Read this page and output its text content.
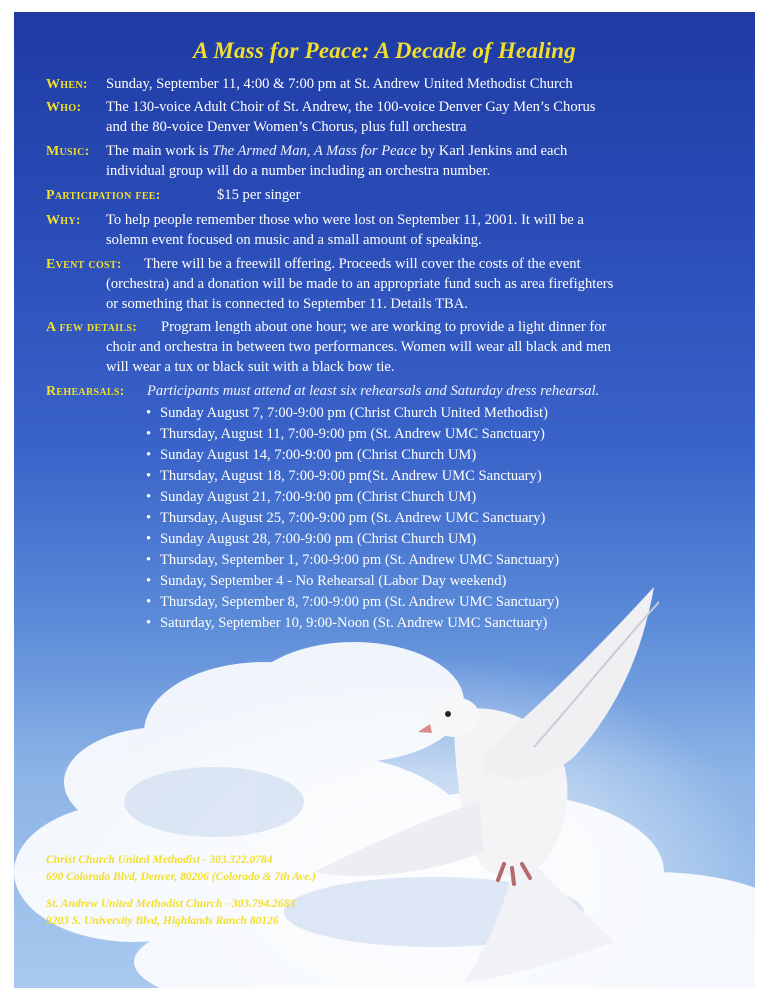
A Mass for Peace: A Decade of Healing
When: Sunday, September 11, 4:00 & 7:00 pm at St. Andrew United Methodist Church
Who: The 130-voice Adult Choir of St. Andrew, the 100-voice Denver Gay Men’s Chorus
and the 80-voice Denver Women’s Chorus, plus full orchestra
Music: The main work is The Armed Man, A Mass for Peace by Karl Jenkins and each
individual group will do a number including an orchestra number.
Participation fee:	$15 per singer
Why: To help people remember those who were lost on September 11, 2001. It will be a
solemn event focused on music and a small amount of speaking.
Event cost: There will be a freewill offering. Proceeds will cover the costs of the event
(orchestra) and a donation will be made to an appropriate fund such as area firefighters
or something that is connected to September 11. Details TBA.
A few details: Program length about one hour; we are working to provide a light dinner for
choir and orchestra in between two performances. Women will wear all black and men
will wear a tux or black suit with a black bow tie.
Rehearsals: Participants must attend at least six rehearsals and Saturday dress rehearsal.
• Sunday August 7, 7:00-9:00 pm (Christ Church United Methodist)
• Thursday, August 11, 7:00-9:00 pm (St. Andrew UMC Sanctuary)
• Sunday August 14, 7:00-9:00 pm (Christ Church UM)
• Thursday, August 18, 7:00-9:00 pm(St. Andrew UMC Sanctuary)
• Sunday August 21, 7:00-9:00 pm (Christ Church UM)
• Thursday, August 25, 7:00-9:00 pm (St. Andrew UMC Sanctuary)
• Sunday August 28, 7:00-9:00 pm (Christ Church UM)
• Thursday, September 1, 7:00-9:00 pm (St. Andrew UMC Sanctuary)
• Sunday, September 4 - No Rehearsal (Labor Day weekend)
• Thursday, September 8, 7:00-9:00 pm (St. Andrew UMC Sanctuary)
• Saturday, September 10, 9:00-Noon (St. Andrew UMC Sanctuary)
Christ Church United Methodist - 303.322.0784
690 Colorado Blvd, Denver, 80206 (Colorado & 7th Ave.)
St. Andrew United Methodist Church - 303.794.2683
9203 S. University Blvd, Highlands Ranch 80126
